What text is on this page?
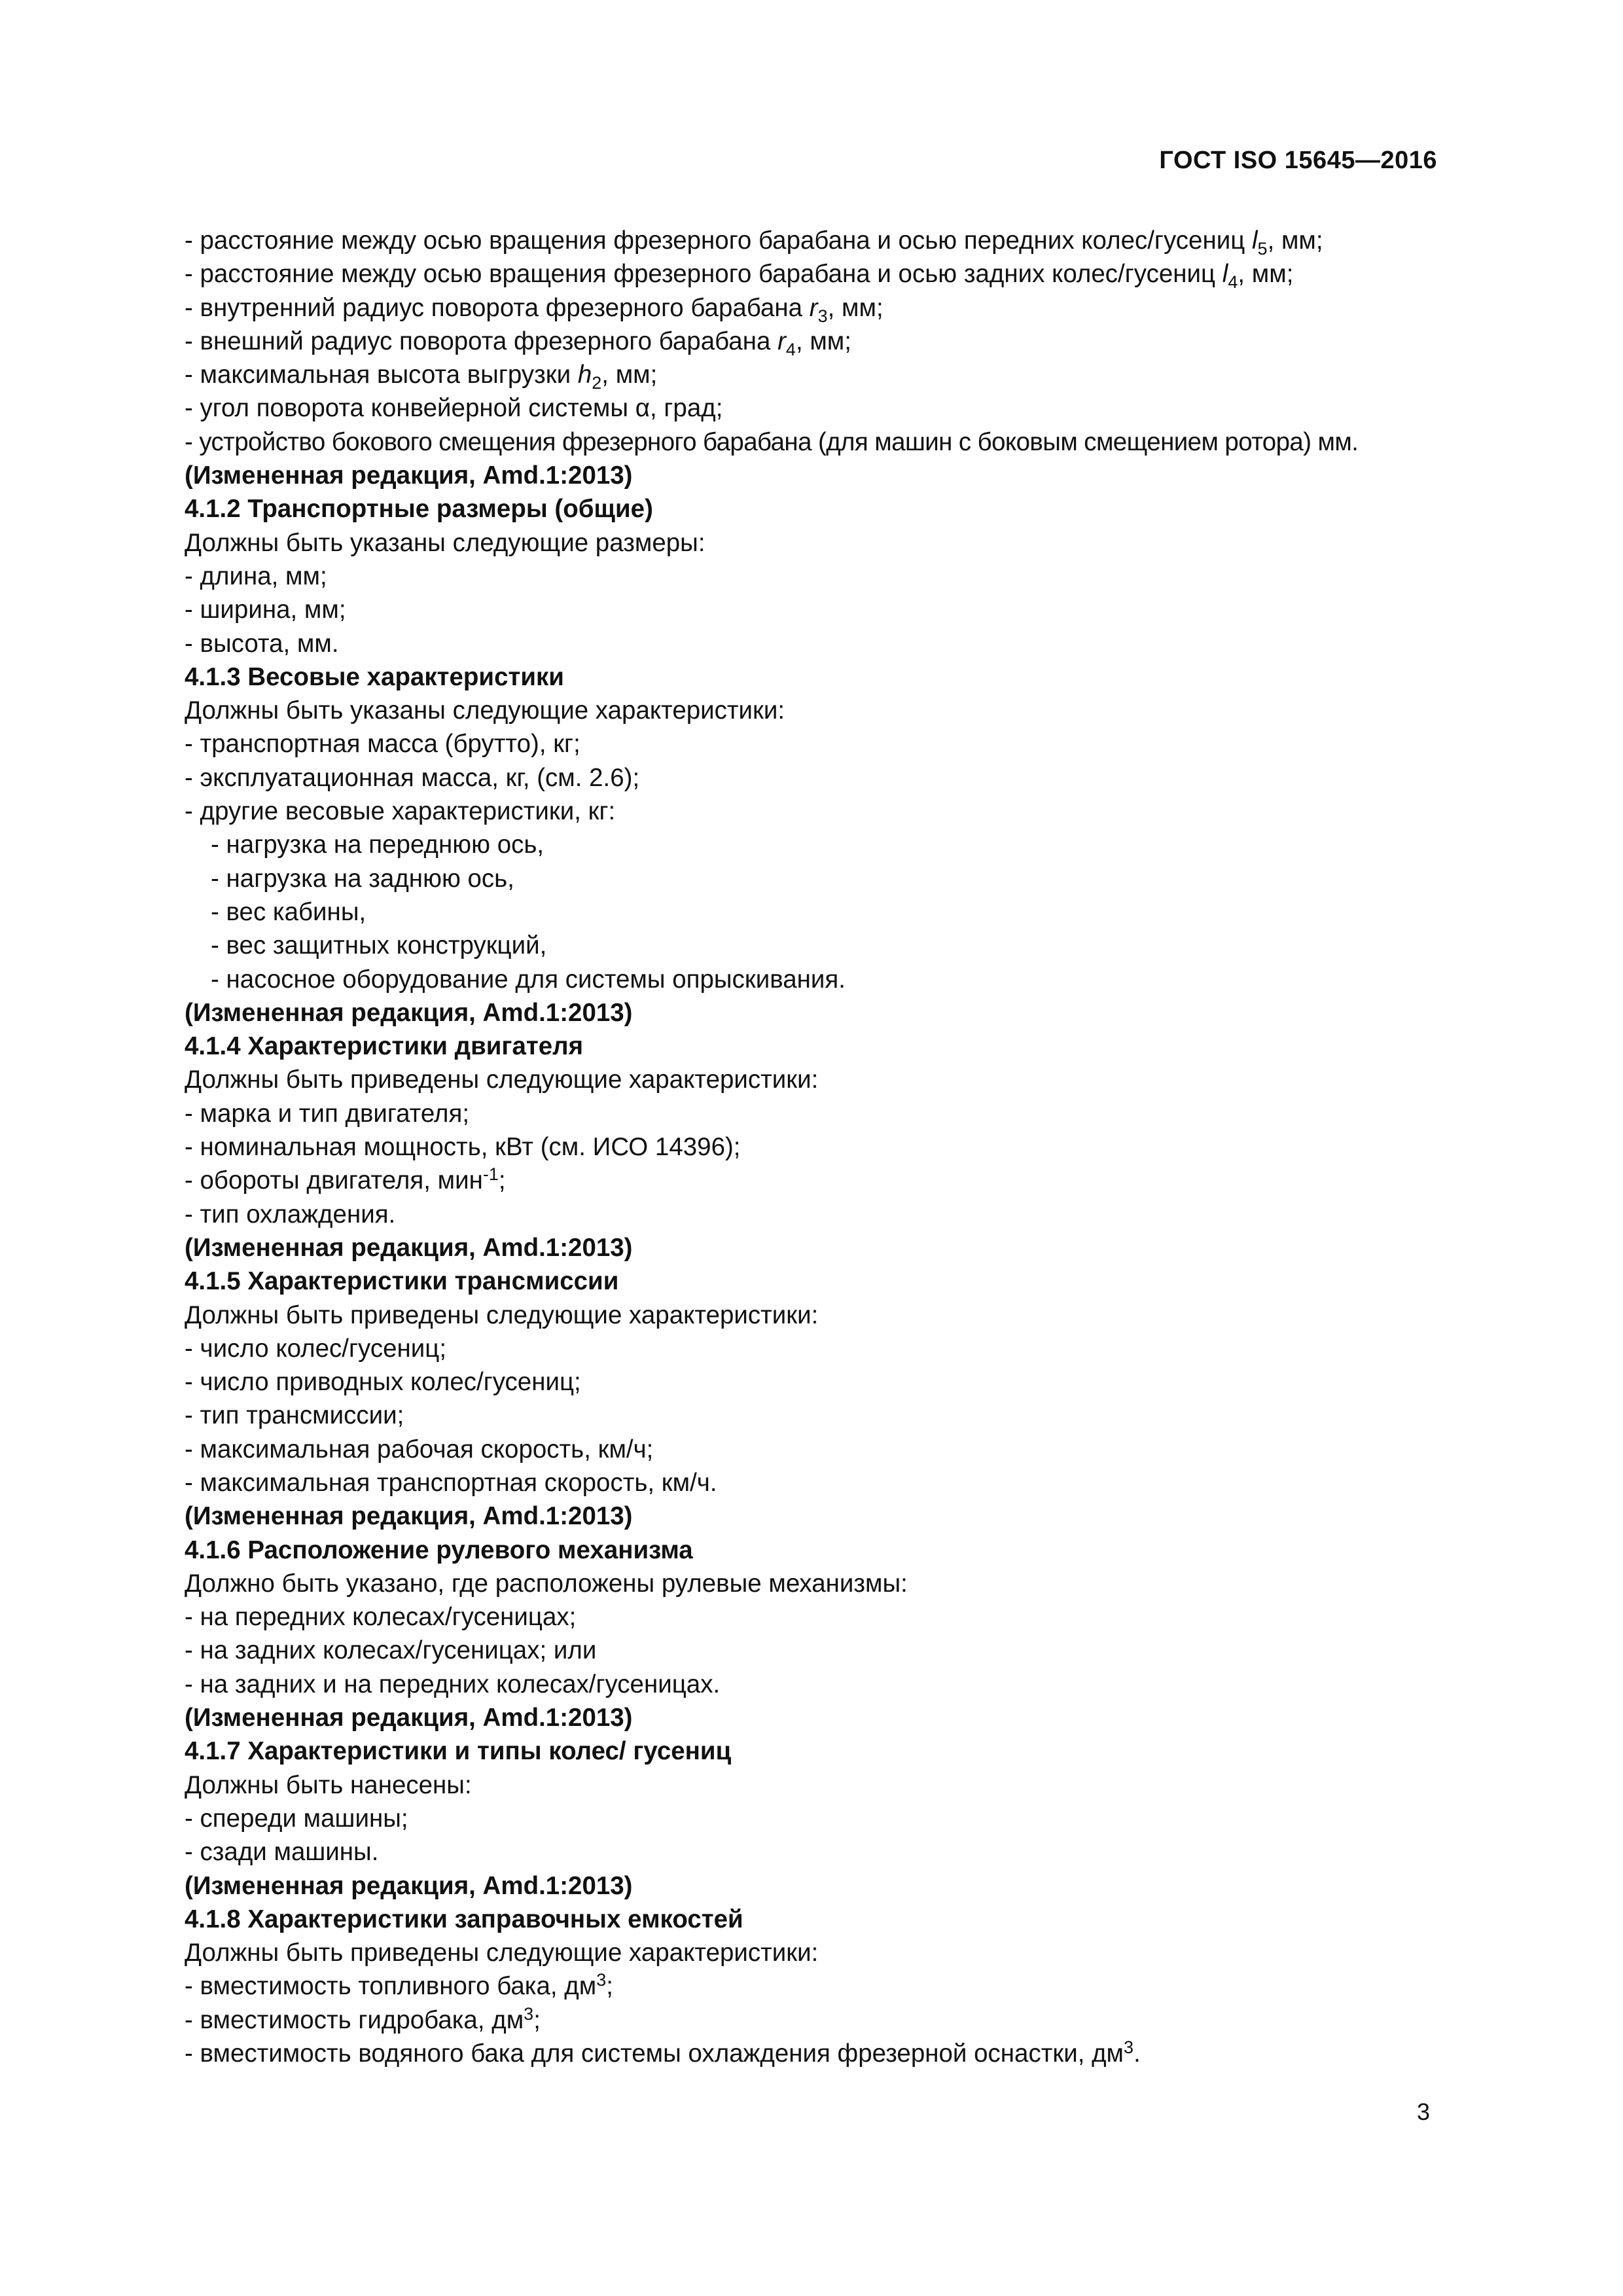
ГОСТ ISO 15645—2016
- расстояние между осью вращения фрезерного барабана и осью передних колес/гусениц $l_5$, мм;
- расстояние между осью вращения фрезерного барабана и осью задних колес/гусениц $l_4$, мм;
- внутренний радиус поворота фрезерного барабана $r_3$, мм;
- внешний радиус поворота фрезерного барабана $r_4$, мм;
- максимальная высота выгрузки $h_2$, мм;
- угол поворота конвейерной системы α, град;
- устройство бокового смещения фрезерного барабана (для машин с боковым смещением ротора) мм.
(Измененная редакция, Amd.1:2013)
4.1.2 Транспортные размеры (общие)
Должны быть указаны следующие размеры:
- длина, мм;
- ширина, мм;
- высота, мм.
4.1.3 Весовые характеристики
Должны быть указаны следующие характеристики:
- транспортная масса (брутто), кг;
- эксплуатационная масса, кг, (см. 2.6);
- другие весовые характеристики, кг:
- нагрузка на переднюю ось,
- нагрузка на заднюю ось,
- вес кабины,
- вес защитных конструкций,
- насосное оборудование для системы опрыскивания.
(Измененная редакция, Amd.1:2013)
4.1.4 Характеристики двигателя
Должны быть приведены следующие характеристики:
- марка и тип двигателя;
- номинальная мощность, кВт (см. ИСО 14396);
- обороты двигателя, мин$^{-1}$;
- тип охлаждения.
(Измененная редакция, Amd.1:2013)
4.1.5 Характеристики трансмиссии
Должны быть приведены следующие характеристики:
- число колес/гусениц;
- число приводных колес/гусениц;
- тип трансмиссии;
- максимальная рабочая скорость, км/ч;
- максимальная транспортная скорость, км/ч.
(Измененная редакция, Amd.1:2013)
4.1.6 Расположение рулевого механизма
Должно быть указано, где расположены рулевые механизмы:
- на передних колесах/гусеницах;
- на задних колесах/гусеницах; или
- на задних и на передних колесах/гусеницах.
(Измененная редакция, Amd.1:2013)
4.1.7 Характеристики и типы колес/ гусениц
Должны быть нанесены:
- спереди машины;
- сзади машины.
(Измененная редакция, Amd.1:2013)
4.1.8 Характеристики заправочных емкостей
Должны быть приведены следующие характеристики:
- вместимость топливного бака, $дм^3$;
- вместимость гидробака, $дм^3$;
- вместимость водяного бака для системы охлаждения фрезерной оснастки, $дм^3$.
3
